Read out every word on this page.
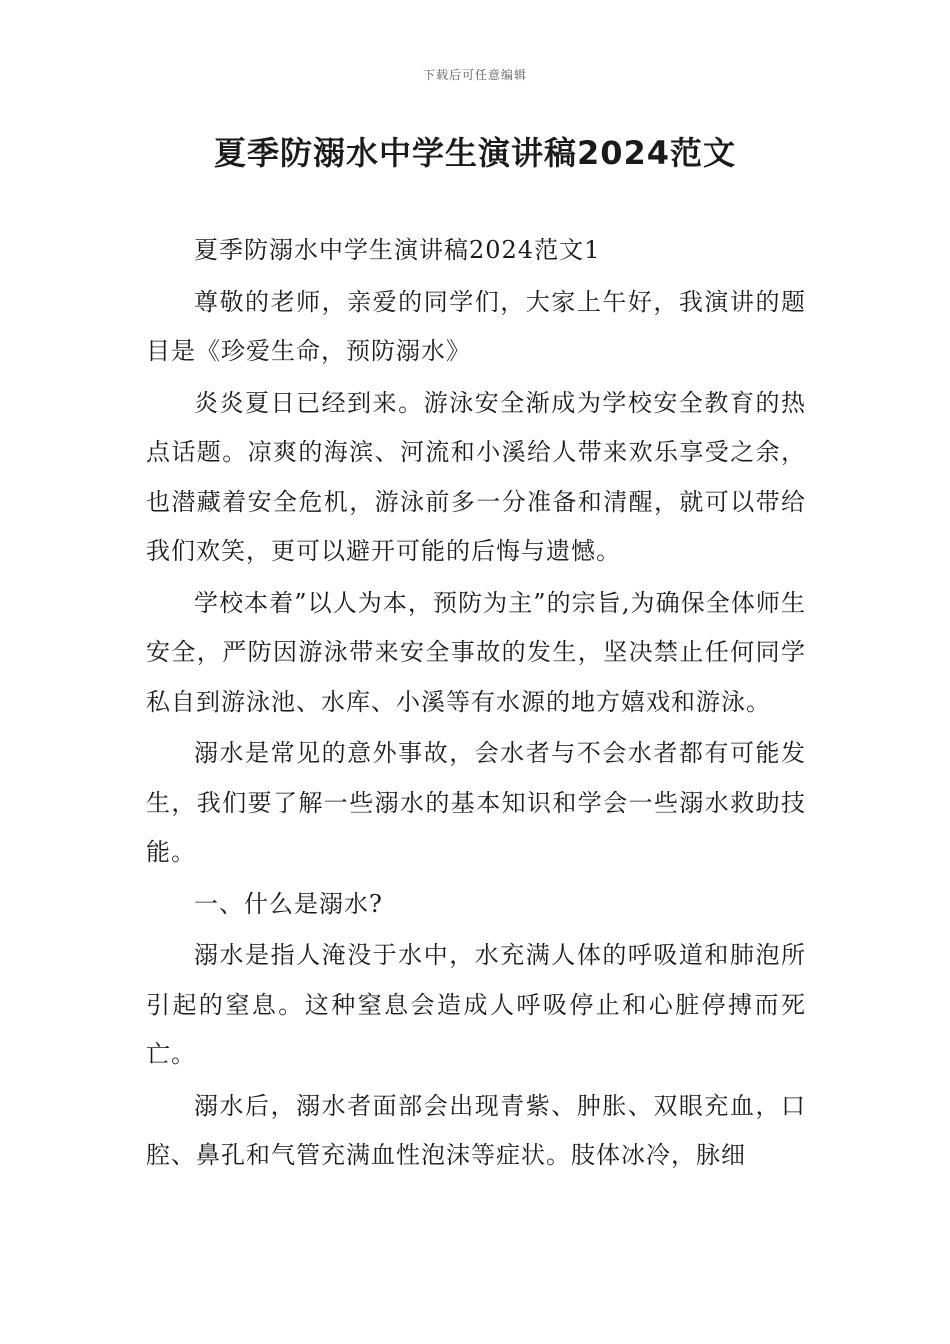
下载后可任意编辑
夏季防溺水中学生演讲稿2024范文

夏季防溺水中学生演讲稿2024范文1

尊敬的老师，亲爱的同学们，大家上午好，我演讲的题目是《珍爱生命，预防溺水》

炎炎夏日已经到来。游泳安全渐成为学校安全教育的热点话题。凉爽的海滨、河流和小溪给人带来欢乐享受之余，也潜藏着安全危机，游泳前多一分准备和清醒，就可以带给我们欢笑，更可以避开可能的后悔与遗憾。

学校本着”以人为本，预防为主”的宗旨,为确保全体师生安全，严防因游泳带来安全事故的发生，坚决禁止任何同学私自到游泳池、水库、小溪等有水源的地方嬉戏和游泳。

溺水是常见的意外事故，会水者与不会水者都有可能发生，我们要了解一些溺水的基本知识和学会一些溺水救助技能。

一、什么是溺水?

溺水是指人淹没于水中，水充满人体的呼吸道和肺泡所引起的窒息。这种窒息会造成人呼吸停止和心脏停搏而死亡。

溺水后，溺水者面部会出现青紫、肿胀、双眼充血，口腔、鼻孔和气管充满血性泡沫等症状。肢体冰冷，脉细
